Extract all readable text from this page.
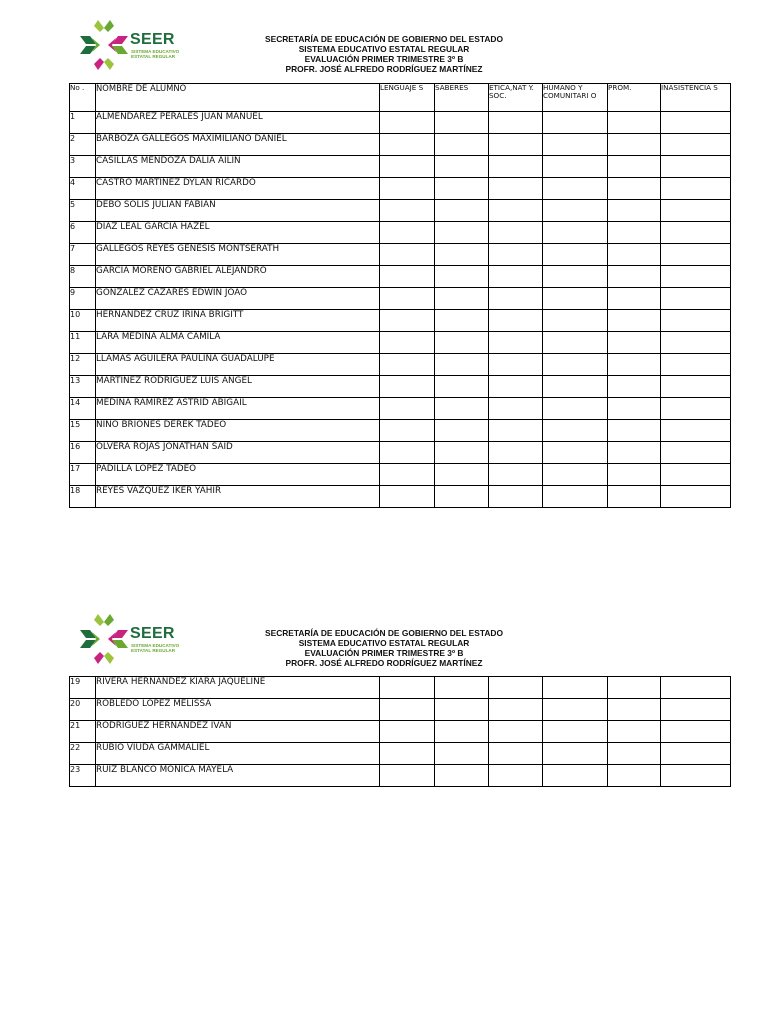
SEER
SISTEMA EDUCATIVO
ESTATAL REGULAR
SECRETARÍA DE EDUCACIÓN DE GOBIERNO DEL ESTADO
SISTEMA EDUCATIVO ESTATAL REGULAR
EVALUACIÓN PRIMER TRIMESTRE 3º B
PROFR. JOSÉ ALFREDO RODRÍGUEZ MARTÍNEZ
No .	NOMBRE DE ALUMNO	LENGUAJE S	SABERES	ETICA,NAT Y. SOC.	HUMANO Y COMUNITARI O	PROM.	INASISTENCIA S
1	ALMENDAREZ PERALES JUAN MANUEL						
2	BARBOZA GALLEGOS MAXIMILIANO DANIEL						
3	CASILLAS MENDOZA DALIA AILIN						
4	CASTRO MARTINEZ DYLAN RICARDO						
5	DEBO SOLIS JULIAN FABIAN						
6	DIAZ LEAL GARCIA HAZEL						
7	GALLEGOS REYES GENESIS MONTSERATH						
8	GARCIA MORENO GABRIEL ALEJANDRO						
9	GONZALEZ CAZARES EDWIN JOAO						
10	HERNANDEZ CRUZ IRINA BRIGITT						
11	LARA MEDINA ALMA CAMILA						
12	LLAMAS AGUILERA PAULINA GUADALUPE						
13	MARTINEZ RODRIGUEZ LUIS ANGEL						
14	MEDINA RAMIREZ ASTRID ABIGAIL						
15	NIÑO BRIONES DEREK TADEO						
16	OLVERA ROJAS JONATHAN SAID						
17	PADILLA LOPEZ TADEO						
18	REYES VAZQUEZ IKER YAHIR						
SEER
SISTEMA EDUCATIVO
ESTATAL REGULAR
SECRETARÍA DE EDUCACIÓN DE GOBIERNO DEL ESTADO
SISTEMA EDUCATIVO ESTATAL REGULAR
EVALUACIÓN PRIMER TRIMESTRE 3º B
PROFR. JOSÉ ALFREDO RODRÍGUEZ MARTÍNEZ
19	RIVERA HERNANDEZ KIARA JAQUELINE						
20	ROBLEDO LOPEZ MELISSA						
21	RODRIGUEZ HERNANDEZ IVAN						
22	RUBIO VIUDA GAMMALIEL						
23	RUIZ BLANCO MONICA MAYELA						
